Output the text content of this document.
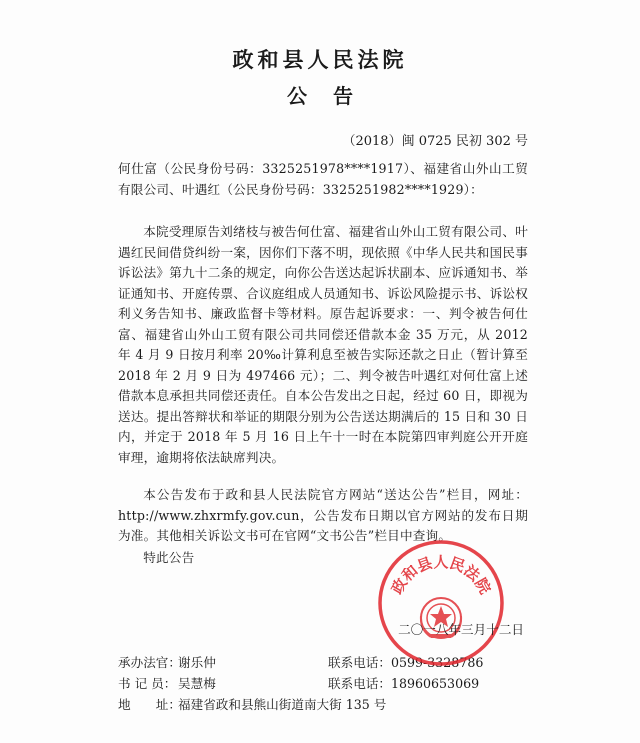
政和县人民法院
公告
（2018）闽 0725 民初 302 号

何仕富（公民身份号码：3325251978****1917）、福建省山外山工贸有限公司、叶遇红（公民身份号码：3325251982****1929）：

本院受理原告刘绪枝与被告何仕富、福建省山外山工贸有限公司、叶遇红民间借贷纠纷一案，因你们下落不明，现依照《中华人民共和国民事诉讼法》第九十二条的规定，向你公告送达起诉状副本、应诉通知书、举证通知书、开庭传票、合议庭组成人员通知书、诉讼风险提示书、诉讼权利义务告知书、廉政监督卡等材料。原告起诉要求：一、判令被告何仕富、福建省山外山工贸有限公司共同偿还借款本金 35 万元，从 2012 年 4 月 9 日按月利率 20‰计算利息至被告实际还款之日止（暂计算至 2018 年 2 月 9 日为 497466 元）；二、判令被告叶遇红对何仕富上述借款本息承担共同偿还责任。自本公告发出之日起，经过 60 日，即视为送达。提出答辩状和举证的期限分别为公告送达期满后的 15 日和 30 日内，并定于 2018 年 5 月 16 日上午十一时在本院第四审判庭公开开庭审理，逾期将依法缺席判决。

本公告发布于政和县人民法院官方网站“送达公告”栏目，网址：http://www.zhxrmfy.gov.cun，公告发布日期以官方网站的发布日期为准。其他相关诉讼文书可在官网“文书公告”栏目中查询。

特此公告

政和县人民法院
二〇一八年三月十二日
承办法官：谢乐仲	联系电话：0599-3328786
书 记 员： 吴慧梅	联系电话：18960653069
地　　址：福建省政和县熊山街道南大街 135 号
